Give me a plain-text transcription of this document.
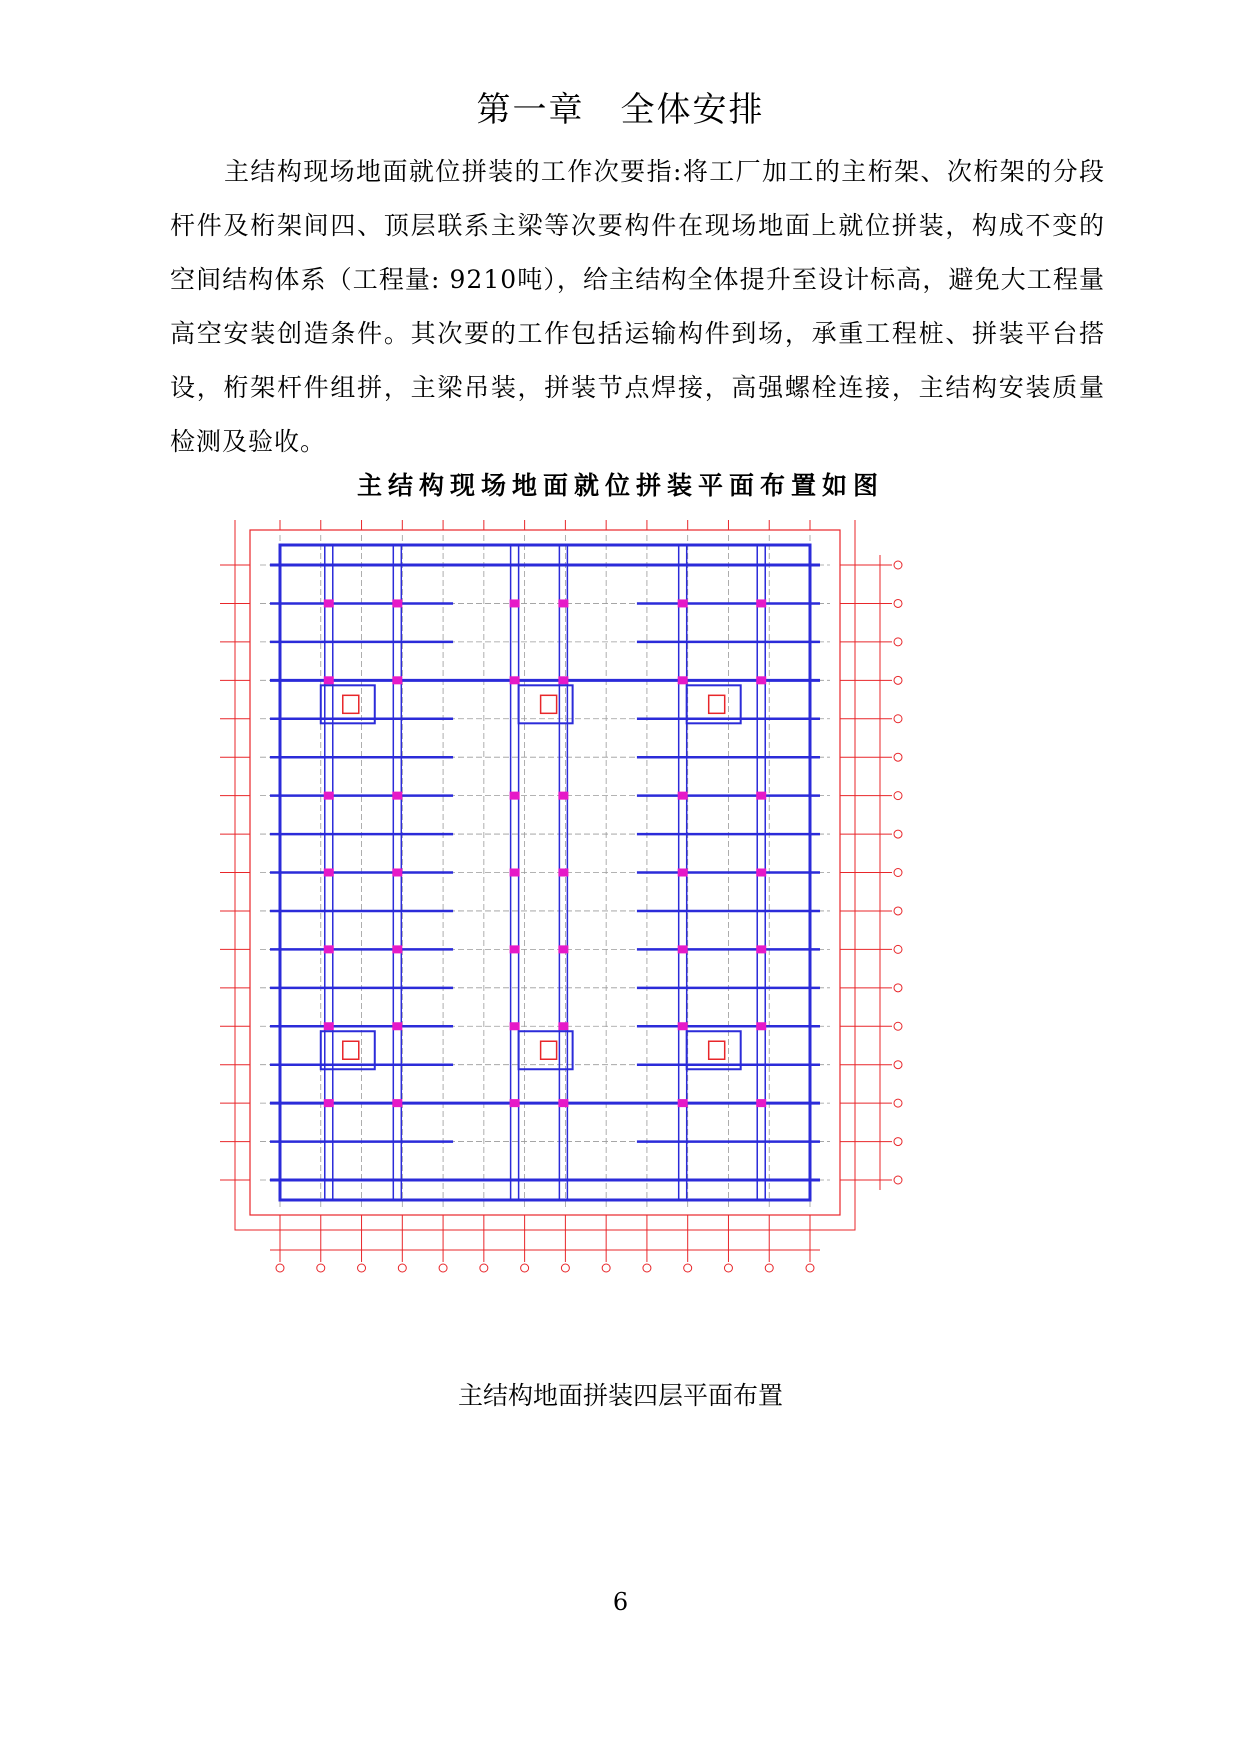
第一章　全体安排
主结构现场地面就位拼装的工作次要指:将工厂加工的主桁架、次桁架的分段杆件及桁架间四、顶层联系主梁等次要构件在现场地面上就位拼装，构成不变的空间结构体系（工程量: 9210吨），给主结构全体提升至设计标高，避免大工程量高空安装创造条件。其次要的工作包括运输构件到场，承重工程桩、拼装平台搭设，桁架杆件组拼，主梁吊装，拼装节点焊接，高强螺栓连接，主结构安装质量检测及验收。
主结构现场地面就位拼装平面布置如图
主结构地面拼装四层平面布置
6
